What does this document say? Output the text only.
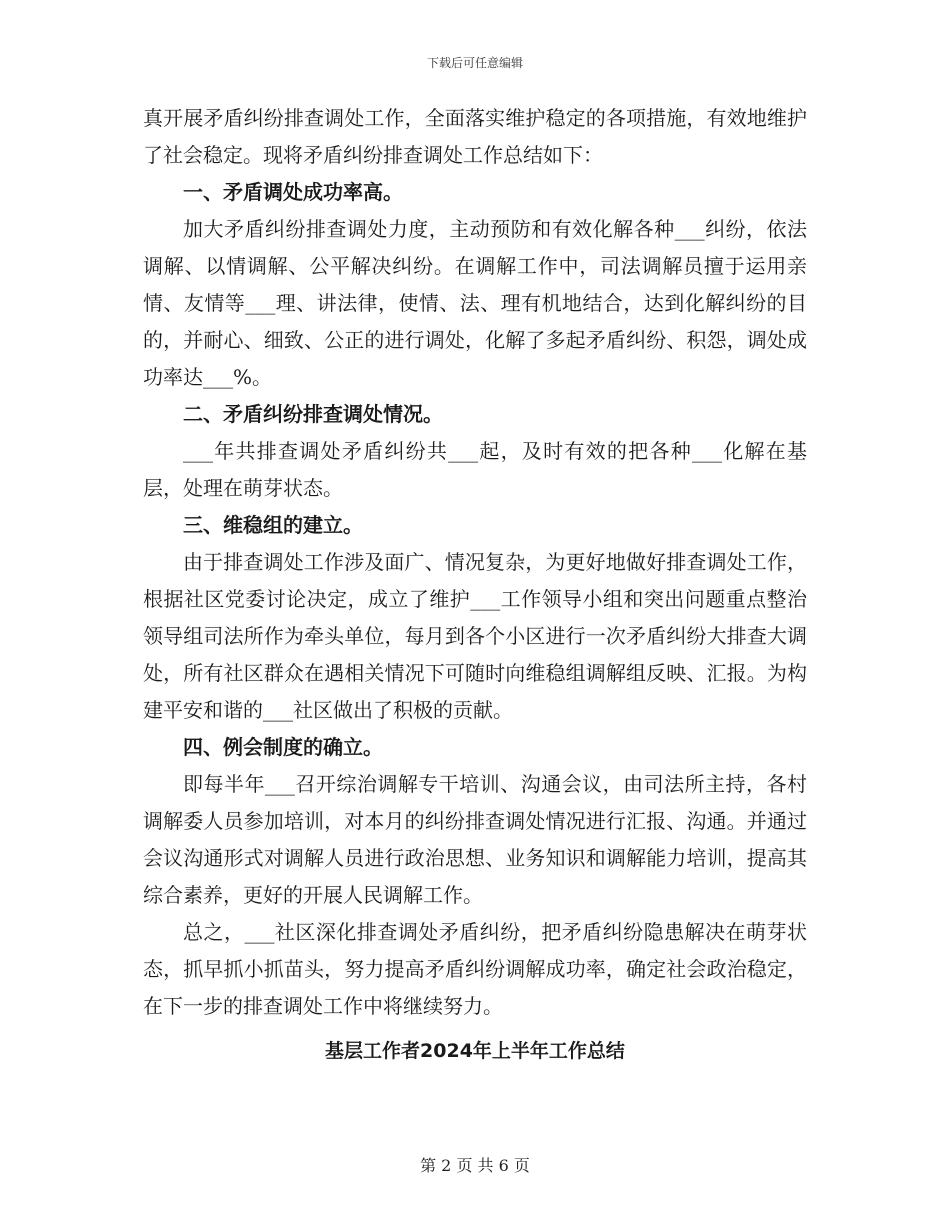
下载后可任意编辑

真开展矛盾纠纷排查调处工作，全面落实维护稳定的各项措施，有效地维护了社会稳定。现将矛盾纠纷排查调处工作总结如下：

一、矛盾调处成功率高。

加大矛盾纠纷排查调处力度，主动预防和有效化解各种___纠纷，依法调解、以情调解、公平解决纠纷。在调解工作中，司法调解员擅于运用亲情、友情等___理、讲法律，使情、法、理有机地结合，达到化解纠纷的目的，并耐心、细致、公正的进行调处，化解了多起矛盾纠纷、积怨，调处成功率达___%。

二、矛盾纠纷排查调处情况。

___年共排查调处矛盾纠纷共___起，及时有效的把各种___化解在基层，处理在萌芽状态。

三、维稳组的建立。

由于排查调处工作涉及面广、情况复杂，为更好地做好排查调处工作，根据社区党委讨论决定，成立了维护___工作领导小组和突出问题重点整治领导组司法所作为牵头单位，每月到各个小区进行一次矛盾纠纷大排查大调处，所有社区群众在遇相关情况下可随时向维稳组调解组反映、汇报。为构建平安和谐的___社区做出了积极的贡献。

四、例会制度的确立。

即每半年___召开综治调解专干培训、沟通会议，由司法所主持，各村调解委人员参加培训，对本月的纠纷排查调处情况进行汇报、沟通。并通过会议沟通形式对调解人员进行政治思想、业务知识和调解能力培训，提高其综合素养，更好的开展人民调解工作。

总之，___社区深化排查调处矛盾纠纷，把矛盾纠纷隐患解决在萌芽状态，抓早抓小抓苗头，努力提高矛盾纠纷调解成功率，确定社会政治稳定，在下一步的排查调处工作中将继续努力。

基层工作者2024年上半年工作总结

第 2 页 共 6 页
